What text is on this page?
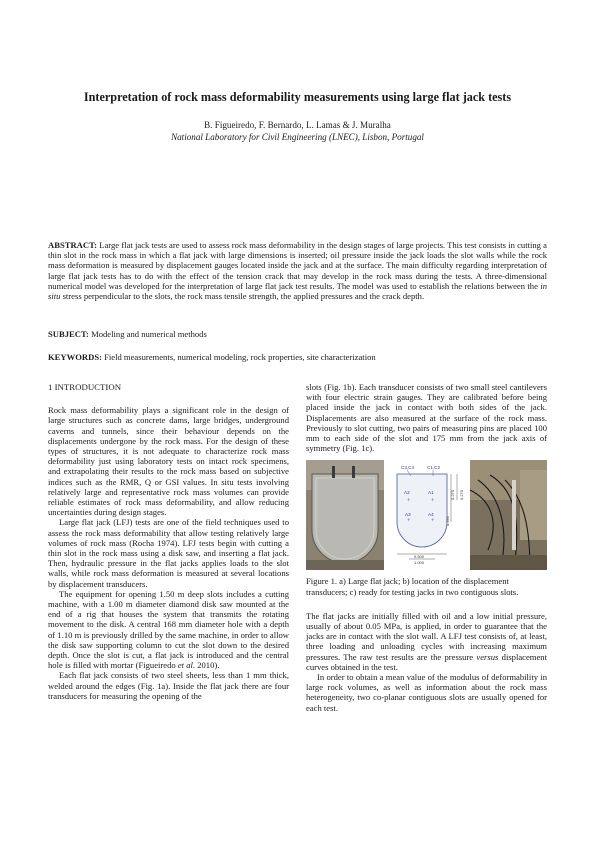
Interpretation of rock mass deformability measurements using large flat jack tests
B. Figueiredo, F. Bernardo, L. Lamas & J. Muralha
National Laboratory for Civil Engineering (LNEC), Lisbon, Portugal
ABSTRACT: Large flat jack tests are used to assess rock mass deformability in the design stages of large projects. This test consists in cutting a thin slot in the rock mass in which a flat jack with large dimensions is inserted; oil pressure inside the jack loads the slot walls while the rock mass deformation is measured by displacement gauges located inside the jack and at the surface. The main difficulty regarding interpretation of large flat jack tests has to do with the effect of the tension crack that may develop in the rock mass during the tests. A three-dimensional numerical model was developed for the interpretation of large flat jack test results. The model was used to establish the relations between the in situ stress perpendicular to the slots, the rock mass tensile strength, the applied pressures and the crack depth.
SUBJECT: Modeling and numerical methods
KEYWORDS: Field measurements, numerical modeling, rock properties, site characterization
1 INTRODUCTION

Rock mass deformability plays a significant role in the design of large structures such as concrete dams, large bridges, underground caverns and tunnels, since their behaviour depends on the displacements undergone by the rock mass. For the design of these types of structures, it is not adequate to characterize rock mass deformability just using laboratory tests on intact rock specimens, and extrapolating their results to the rock mass based on subjective indices such as the RMR, Q or GSI values. In situ tests involving relatively large and representative rock mass volumes can provide reliable estimates of rock mass deformability, and allow reducing uncertainties during design stages.

Large flat jack (LFJ) tests are one of the field techniques used to assess the rock mass deformability that allow testing relatively large volumes of rock mass (Rocha 1974). LFJ tests begin with cutting a thin slot in the rock mass using a disk saw, and inserting a flat jack. Then, hydraulic pressure in the flat jacks applies loads to the slot walls, while rock mass deformation is measured at several locations by displacement transducers.

The equipment for opening 1.50 m deep slots includes a cutting machine, with a 1.00 m diameter diamond disk saw mounted at the end of a rig that houses the system that transmits the rotating movement to the disk. A central 168 mm diameter hole with a depth of 1.10 m is previously drilled by the same machine, in order to allow the disk saw supporting column to cut the slot down to the desired depth. Once the slot is cut, a flat jack is introduced and the central hole is filled with mortar (Figueiredo et al. 2010).

Each flat jack consists of two steel sheets, less than 1 mm thick, welded around the edges (Fig. 1a). Inside the flat jack there are four transducers for measuring the opening of the

slots (Fig. 1b). Each transducer consists of two small steel cantilevers with four electric strain gauges. They are calibrated before being placed inside the jack in contact with both sides of the jack. Displacements are also measured at the surface of the rock mass. Previously to slot cutting, two pairs of measuring pins are placed 100 mm to each side of the slot and 175 mm from the jack axis of symmetry (Fig. 1c).

C3,C4	C1,C2
A2	A1
A3	A4
+	+
+	+
0.270 0.270
0.395
0.500
1.000

Figure 1. a) Large flat jack; b) location of the displacement transducers; c) ready for testing jacks in two contiguous slots.

The flat jacks are initially filled with oil and a low initial pressure, usually of about 0.05 MPa, is applied, in order to guarantee that the jacks are in contact with the slot wall. A LFJ test consists of, at least, three loading and unloading cycles with increasing maximum pressures. The raw test results are the pressure versus displacement curves obtained in the test.

In order to obtain a mean value of the modulus of deformability in large rock volumes, as well as information about the rock mass heterogeneity, two co-planar contiguous slots are usually opened for each test.
